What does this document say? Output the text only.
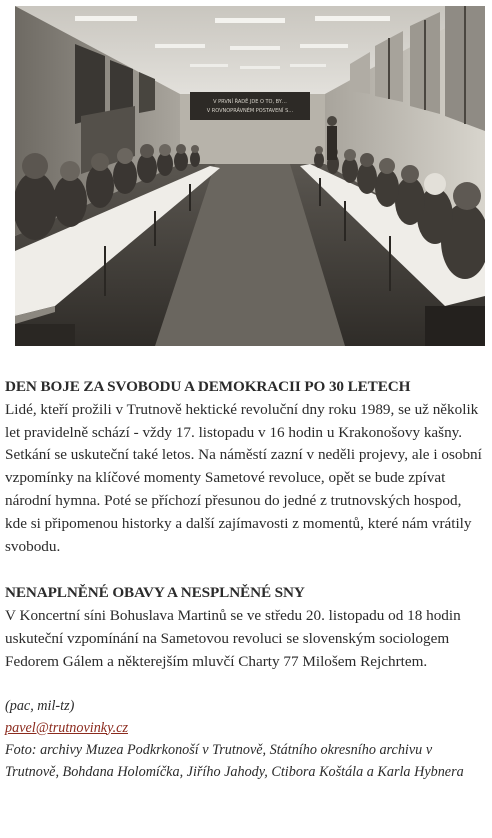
V PRVNÍ ŘADĚ JDE O TO, BY…
V ROVNOPRÁVNÉM POSTAVENÍ S…

DEN BOJE ZA SVOBODU A DEMOKRACII PO 30 LETECH

Lidé, kteří prožili v Trutnově hektické revoluční dny roku 1989, se už několik let pravidelně schází - vždy 17. listopadu v 16 hodin u Krakonošovy kašny. Setkání se uskuteční také letos. Na náměstí zazní v neděli projevy, ale i osobní vzpomínky na klíčové momenty Sametové revoluce, opět se bude zpívat národní hymna. Poté se příchozí přesunou do jedné z trutnovských hospod, kde si připomenou historky a další zajímavosti z momentů, které nám vrátily svobodu.

NENAPLNĚNÉ OBAVY A NESPLNĚNÉ SNY

V Koncertní síni Bohuslava Martinů se ve středu 20. listopadu od 18 hodin uskuteční vzpomínání na Sametovou revoluci se slovenským sociologem Fedorem Gálem a některejším mluvčí Charty 77 Milošem Rejchrtem.

(pac, mil-tz)

pavel@trutnovinky.cz

Foto: archivy Muzea Podkrkonoší v Trutnově, Státního okresního archivu v Trutnově, Bohdana Holomíčka, Jiřího Jahody, Ctibora Koštála a Karla Hybnera
